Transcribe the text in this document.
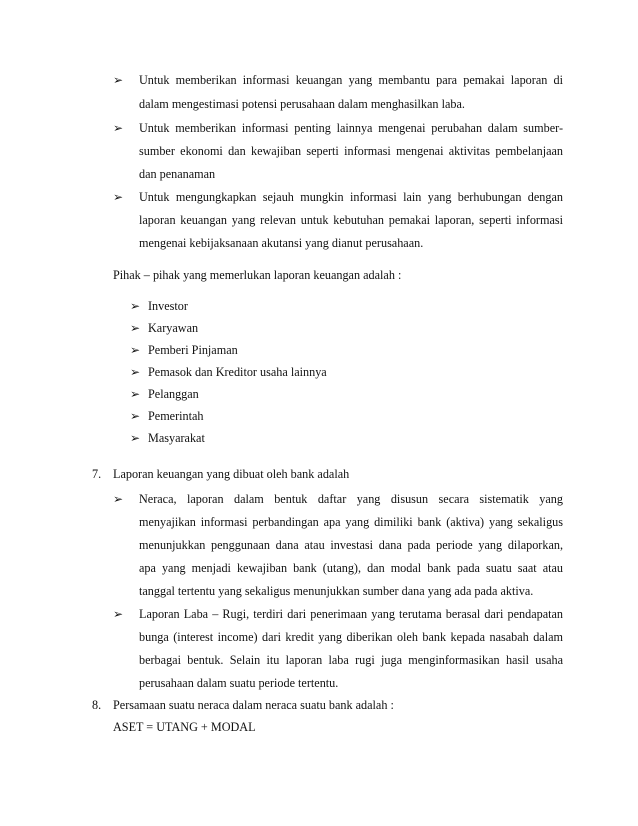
➢ Untuk memberikan informasi keuangan yang membantu para pemakai laporan di
dalam mengestimasi potensi perusahaan dalam menghasilkan laba.
➢ Untuk memberikan informasi penting lainnya mengenai perubahan dalam sumber-
sumber ekonomi dan kewajiban seperti informasi mengenai aktivitas pembelanjaan
dan penanaman
➢ Untuk mengungkapkan sejauh mungkin informasi lain yang berhubungan dengan
laporan keuangan yang relevan untuk kebutuhan pemakai laporan, seperti informasi
mengenai kebijaksanaan akutansi yang dianut perusahaan.
Pihak – pihak yang memerlukan laporan keuangan adalah :
➢ Investor
➢ Karyawan
➢ Pemberi Pinjaman
➢ Pemasok dan Kreditor usaha lainnya
➢ Pelanggan
➢ Pemerintah
➢ Masyarakat
7. Laporan keuangan yang dibuat oleh bank adalah
➢ Neraca, laporan dalam bentuk daftar yang disusun secara sistematik yang
menyajikan informasi perbandingan apa yang dimiliki bank (aktiva) yang sekaligus
menunjukkan penggunaan dana atau investasi dana pada periode yang dilaporkan,
apa yang menjadi kewajiban bank (utang), dan modal bank pada suatu saat atau
tanggal tertentu yang sekaligus menunjukkan sumber dana yang ada pada aktiva.
➢ Laporan Laba – Rugi, terdiri dari penerimaan yang terutama berasal dari pendapatan
bunga (interest income) dari kredit yang diberikan oleh bank kepada nasabah dalam
berbagai bentuk. Selain itu laporan laba rugi juga menginformasikan hasil usaha
perusahaan dalam suatu periode tertentu.
8. Persamaan suatu neraca dalam neraca suatu bank adalah :
ASET = UTANG + MODAL
